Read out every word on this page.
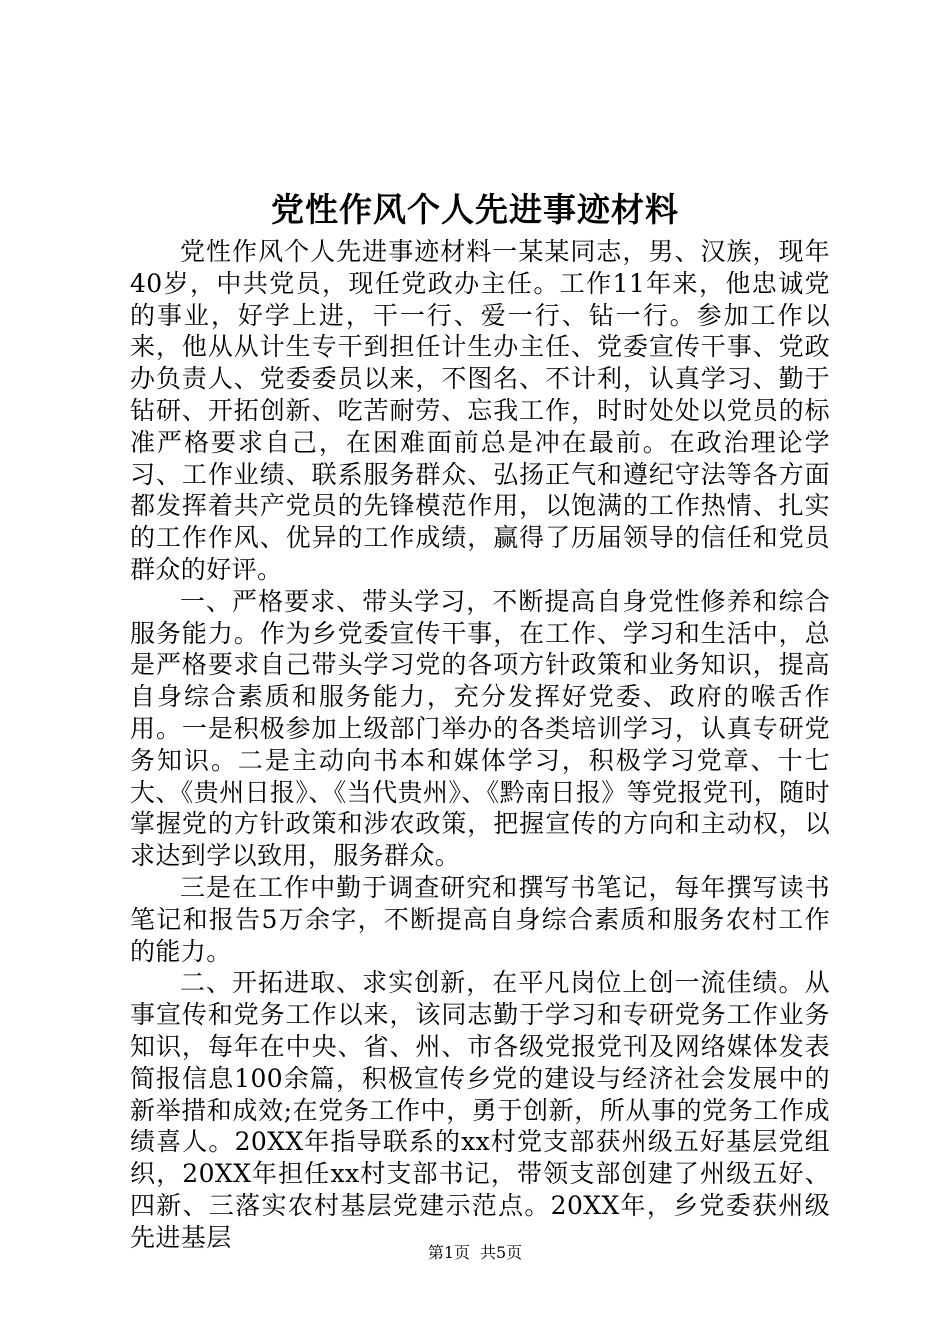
党性作风个人先进事迹材料

党性作风个人先进事迹材料一某某同志，男、汉族，现年40岁，中共党员，现任党政办主任。工作11年来，他忠诚党的事业，好学上进，干一行、爱一行、钻一行。参加工作以来，他从从计生专干到担任计生办主任、党委宣传干事、党政办负责人、党委委员以来，不图名、不计利，认真学习、勤于钻研、开拓创新、吃苦耐劳、忘我工作，时时处处以党员的标准严格要求自己，在困难面前总是冲在最前。在政治理论学习、工作业绩、联系服务群众、弘扬正气和遵纪守法等各方面都发挥着共产党员的先锋模范作用，以饱满的工作热情、扎实的工作作风、优异的工作成绩，赢得了历届领导的信任和党员群众的好评。

一、严格要求、带头学习，不断提高自身党性修养和综合服务能力。作为乡党委宣传干事，在工作、学习和生活中，总是严格要求自己带头学习党的各项方针政策和业务知识，提高自身综合素质和服务能力，充分发挥好党委、政府的喉舌作用。一是积极参加上级部门举办的各类培训学习，认真专研党务知识。二是主动向书本和媒体学习，积极学习党章、十七大、《贵州日报》、《当代贵州》、《黔南日报》等党报党刊，随时掌握党的方针政策和涉农政策，把握宣传的方向和主动权，以求达到学以致用，服务群众。

三是在工作中勤于调查研究和撰写书笔记，每年撰写读书笔记和报告5万余字，不断提高自身综合素质和服务农村工作的能力。

二、开拓进取、求实创新，在平凡岗位上创一流佳绩。从事宣传和党务工作以来，该同志勤于学习和专研党务工作业务知识，每年在中央、省、州、市各级党报党刊及网络媒体发表简报信息100余篇，积极宣传乡党的建设与经济社会发展中的新举措和成效;在党务工作中，勇于创新，所从事的党务工作成绩喜人。20XX年指导联系的xx村党支部获州级五好基层党组织，20XX年担任xx村支部书记，带领支部创建了州级五好、四新、三落实农村基层党建示范点。20XX年，乡党委获州级先进基层

第1页 共5页
